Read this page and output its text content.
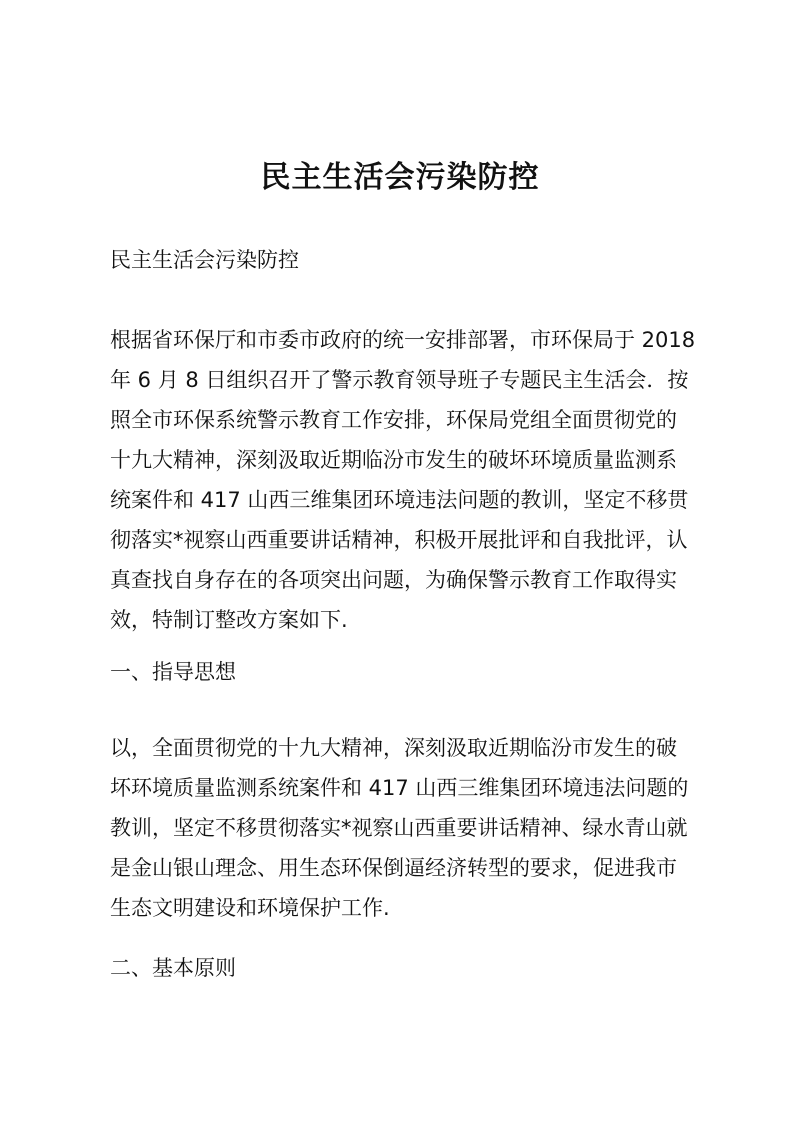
民主生活会污染防控

民主生活会污染防控

根据省环保厅和市委市政府的统一安排部署，市环保局于 2018
年 6 月 8 日组织召开了警示教育领导班子专题民主生活会．按
照全市环保系统警示教育工作安排，环保局党组全面贯彻党的
十九大精神，深刻汲取近期临汾市发生的破坏环境质量监测系
统案件和 417 山西三维集团环境违法问题的教训，坚定不移贯
彻落实*视察山西重要讲话精神，积极开展批评和自我批评，认
真查找自身存在的各项突出问题，为确保警示教育工作取得实
效，特制订整改方案如下.

一、指导思想

以，全面贯彻党的十九大精神，深刻汲取近期临汾市发生的破
坏环境质量监测系统案件和 417 山西三维集团环境违法问题的
教训，坚定不移贯彻落实*视察山西重要讲话精神、绿水青山就
是金山银山理念、用生态环保倒逼经济转型的要求，促进我市
生态文明建设和环境保护工作.

二、基本原则
